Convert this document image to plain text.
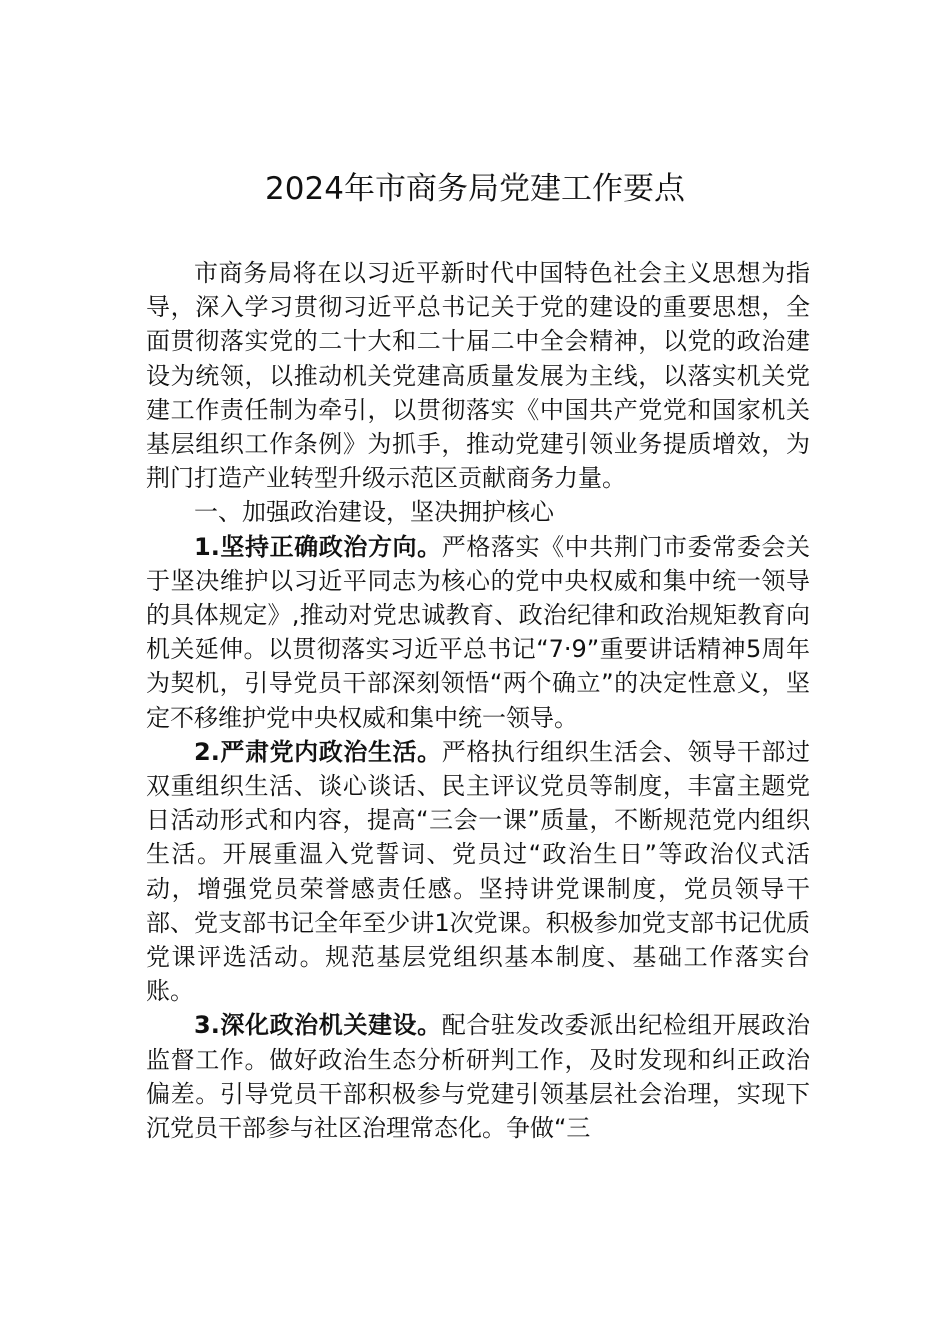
2024年市商务局党建工作要点

市商务局将在以习近平新时代中国特色社会主义思想为指导，深入学习贯彻习近平总书记关于党的建设的重要思想，全面贯彻落实党的二十大和二十届二中全会精神，以党的政治建设为统领，以推动机关党建高质量发展为主线，以落实机关党建工作责任制为牵引，以贯彻落实《中国共产党党和国家机关基层组织工作条例》为抓手，推动党建引领业务提质增效，为荆门打造产业转型升级示范区贡献商务力量。

一、加强政治建设，坚决拥护核心

1.坚持正确政治方向。严格落实《中共荆门市委常委会关于坚决维护以习近平同志为核心的党中央权威和集中统一领导的具体规定》,推动对党忠诚教育、政治纪律和政治规矩教育向机关延伸。以贯彻落实习近平总书记“7·9”重要讲话精神5周年为契机，引导党员干部深刻领悟“两个确立”的决定性意义，坚定不移维护党中央权威和集中统一领导。

2.严肃党内政治生活。严格执行组织生活会、领导干部过双重组织生活、谈心谈话、民主评议党员等制度，丰富主题党日活动形式和内容，提高“三会一课”质量，不断规范党内组织生活。开展重温入党誓词、党员过“政治生日”等政治仪式活动，增强党员荣誉感责任感。坚持讲党课制度，党员领导干部、党支部书记全年至少讲1次党课。积极参加党支部书记优质党课评选活动。规范基层党组织基本制度、基础工作落实台账。

3.深化政治机关建设。配合驻发改委派出纪检组开展政治监督工作。做好政治生态分析研判工作，及时发现和纠正政治偏差。引导党员干部积极参与党建引领基层社会治理，实现下沉党员干部参与社区治理常态化。争做“三
